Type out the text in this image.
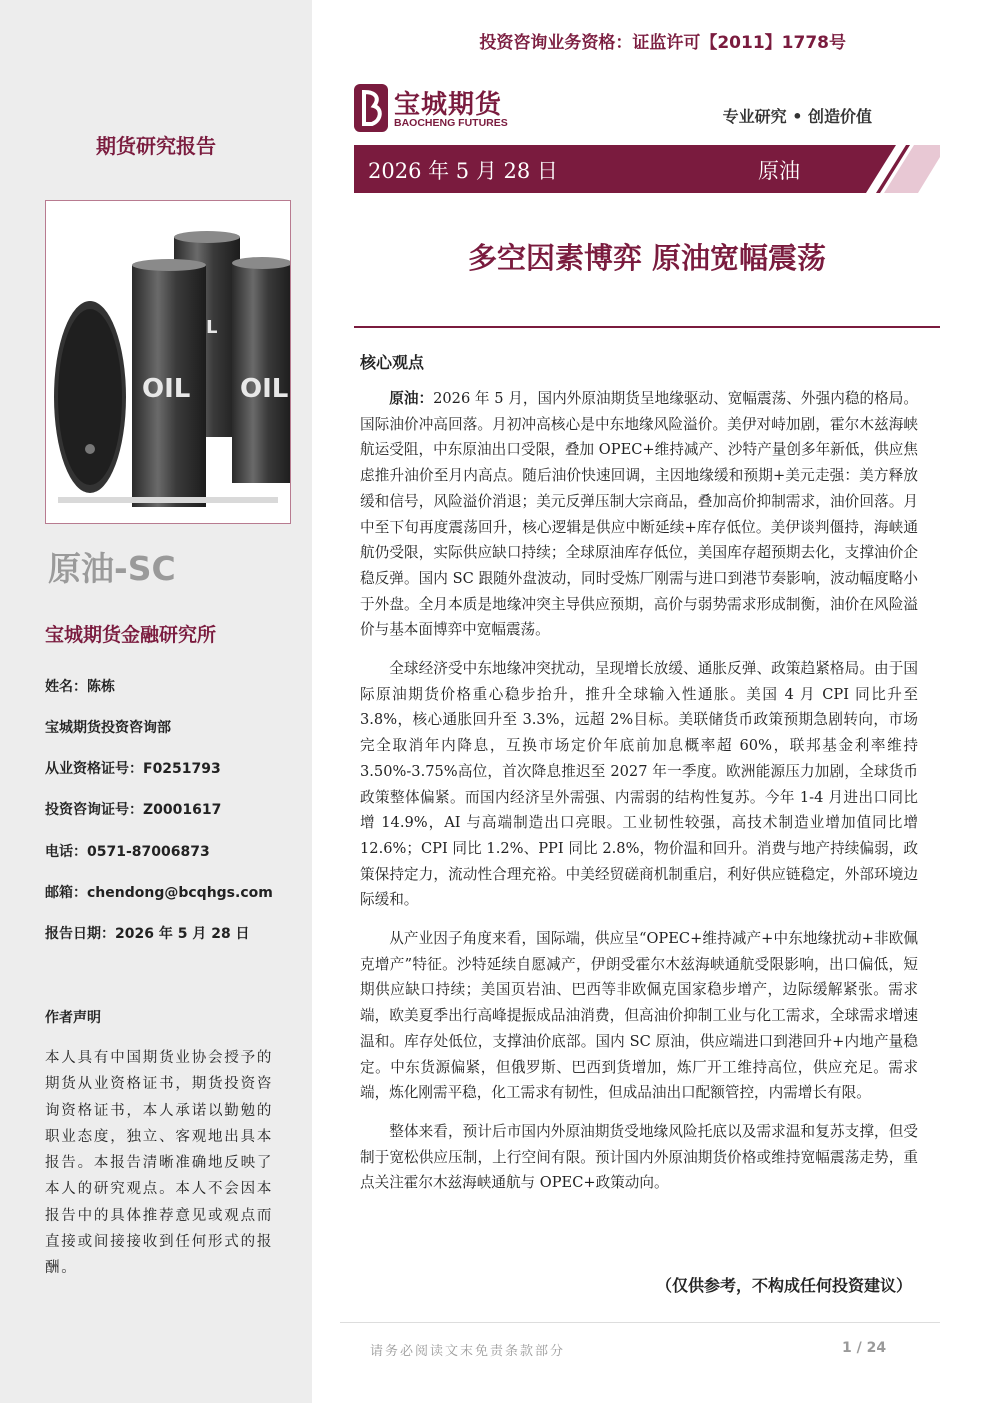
期货研究报告
L
OIL
OIL
原油-SC
宝城期货金融研究所
姓名：陈栋
宝城期货投资咨询部
从业资格证号：F0251793
投资咨询证号：Z0001617
电话：0571-87006873
邮箱：chendong@bcqhgs.com
报告日期：2026 年 5 月 28 日
作者声明
本人具有中国期货业协会授予的期货从业资格证书，期货投资咨询资格证书，本人承诺以勤勉的职业态度，独立、客观地出具本报告。本报告清晰准确地反映了本人的研究观点。本人不会因本报告中的具体推荐意见或观点而直接或间接接收到任何形式的报酬。
投资咨询业务资格：证监许可【2011】1778号
宝城期货
BAOCHENG FUTURES	专业研究 • 创造价值
2026 年 5 月 28 日	原油
多空因素博弈 原油宽幅震荡
核心观点

原油：2026 年 5 月，国内外原油期货呈地缘驱动、宽幅震荡、外强内稳的格局。国际油价冲高回落。月初冲高核心是中东地缘风险溢价。美伊对峙加剧，霍尔木兹海峡航运受阻，中东原油出口受限，叠加 OPEC+维持减产、沙特产量创多年新低，供应焦虑推升油价至月内高点。随后油价快速回调，主因地缘缓和预期+美元走强：美方释放缓和信号，风险溢价消退；美元反弹压制大宗商品，叠加高价抑制需求，油价回落。月中至下旬再度震荡回升，核心逻辑是供应中断延续+库存低位。美伊谈判僵持，海峡通航仍受限，实际供应缺口持续；全球原油库存低位，美国库存超预期去化，支撑油价企稳反弹。国内 SC 跟随外盘波动，同时受炼厂刚需与进口到港节奏影响，波动幅度略小于外盘。全月本质是地缘冲突主导供应预期，高价与弱势需求形成制衡，油价在风险溢价与基本面博弈中宽幅震荡。

全球经济受中东地缘冲突扰动，呈现增长放缓、通胀反弹、政策趋紧格局。由于国际原油期货价格重心稳步抬升，推升全球输入性通胀。美国 4 月 CPI 同比升至 3.8%，核心通胀回升至 3.3%，远超 2%目标。美联储货币政策预期急剧转向，市场完全取消年内降息，互换市场定价年底前加息概率超 60%，联邦基金利率维持 3.50%-3.75%高位，首次降息推迟至 2027 年一季度。欧洲能源压力加剧，全球货币政策整体偏紧。而国内经济呈外需强、内需弱的结构性复苏。今年 1-4 月进出口同比增 14.9%，AI 与高端制造出口亮眼。工业韧性较强，高技术制造业增加值同比增 12.6%；CPI 同比 1.2%、PPI 同比 2.8%，物价温和回升。消费与地产持续偏弱，政策保持定力，流动性合理充裕。中美经贸磋商机制重启，利好供应链稳定，外部环境边际缓和。

从产业因子角度来看，国际端，供应呈“OPEC+维持减产+中东地缘扰动+非欧佩克增产”特征。沙特延续自愿减产，伊朗受霍尔木兹海峡通航受限影响，出口偏低，短期供应缺口持续；美国页岩油、巴西等非欧佩克国家稳步增产，边际缓解紧张。需求端，欧美夏季出行高峰提振成品油消费，但高油价抑制工业与化工需求，全球需求增速温和。库存处低位，支撑油价底部。国内 SC 原油，供应端进口到港回升+内地产量稳定。中东货源偏紧，但俄罗斯、巴西到货增加，炼厂开工维持高位，供应充足。需求端，炼化刚需平稳，化工需求有韧性，但成品油出口配额管控，内需增长有限。

整体来看，预计后市国内外原油期货受地缘风险托底以及需求温和复苏支撑，但受制于宽松供应压制，上行空间有限。预计国内外原油期货价格或维持宽幅震荡走势，重点关注霍尔木兹海峡通航与 OPEC+政策动向。

（仅供参考，不构成任何投资建议）
请务必阅读文末免责条款部分	1 / 24
